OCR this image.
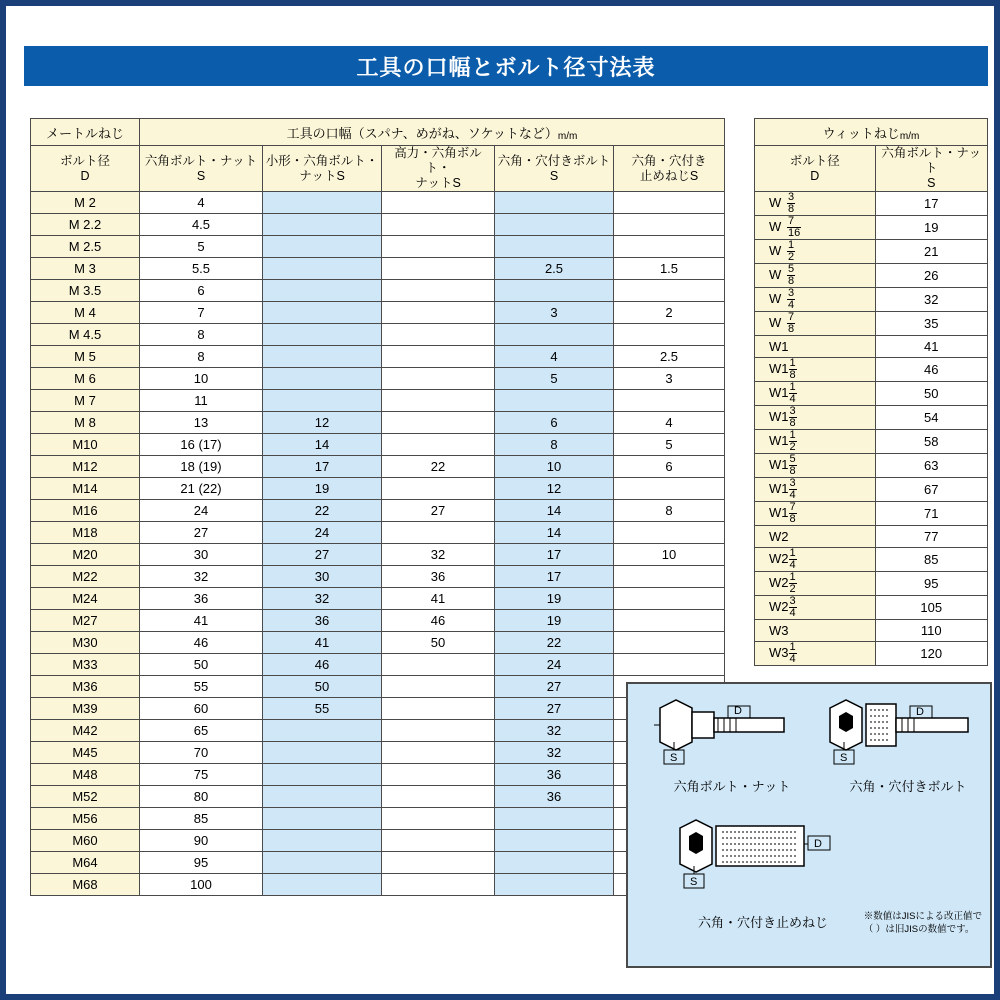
工具の口幅とボルト径寸法表
メートルねじ	工具の口幅（スパナ、めがね、ソケットなど）m/m				

ボルト径
D

六角ボルト・ナット
S

小形・六角ボルト・
ナットS

高力・六角ボルト・
ナットS

六角・穴付きボルト
S

六角・穴付き
止めねじS

M 2	4				
M 2.2	4.5				
M 2.5	5				
M 3	5.5			2.5	1.5
M 3.5	6				
M 4	7			3	2
M 4.5	8				
M 5	8			4	2.5
M 6	10			5	3
M 7	11				
M 8	13	12		6	4
M10	16 (17)	14		8	5
M12	18 (19)	17	22	10	6
M14	21 (22)	19		12	
M16	24	22	27	14	8
M18	27	24		14	
M20	30	27	32	17	10
M22	32	30	36	17	
M24	36	32	41	19	
M27	41	36	46	19	
M30	46	41	50	22	
M33	50	46		24	
M36	55	50		27	
M39	60	55		27	
M42	65			32	
M45	70			32	
M48	75			36	
M52	80			36	
M56	85				
M60	90				
M64	95				
M68	100				
ウィットねじm/m	

ボルト径
D

六角ボルト・ナット
S

W $\frac{3}{8}$	17
W $\frac{7}{16}$	19
W $\frac{1}{2}$	21
W $\frac{5}{8}$	26
W $\frac{3}{4}$	32
W $\frac{7}{8}$	35
W1	41
$W1 \frac{1}{8}$	46
$W1 \frac{1}{4}$	50
$W1 \frac{3}{8}$	54
$W1 \frac{1}{2}$	58
$W1 \frac{5}{8}$	63
$W1 \frac{3}{4}$	67
$W1 \frac{7}{8}$	71
W2	77
$W2 \frac{1}{4}$	85
$W2 \frac{1}{2}$	95
$W2 \frac{3}{4}$	105
W3	110
$W3 \frac{1}{4}$	120
D
S
六角ボルト・ナット
D
S
六角・穴付きボルト
D
S
六角・穴付き止めねじ	※数値はJISによる改正値で
（ ）は旧JISの数値です。
